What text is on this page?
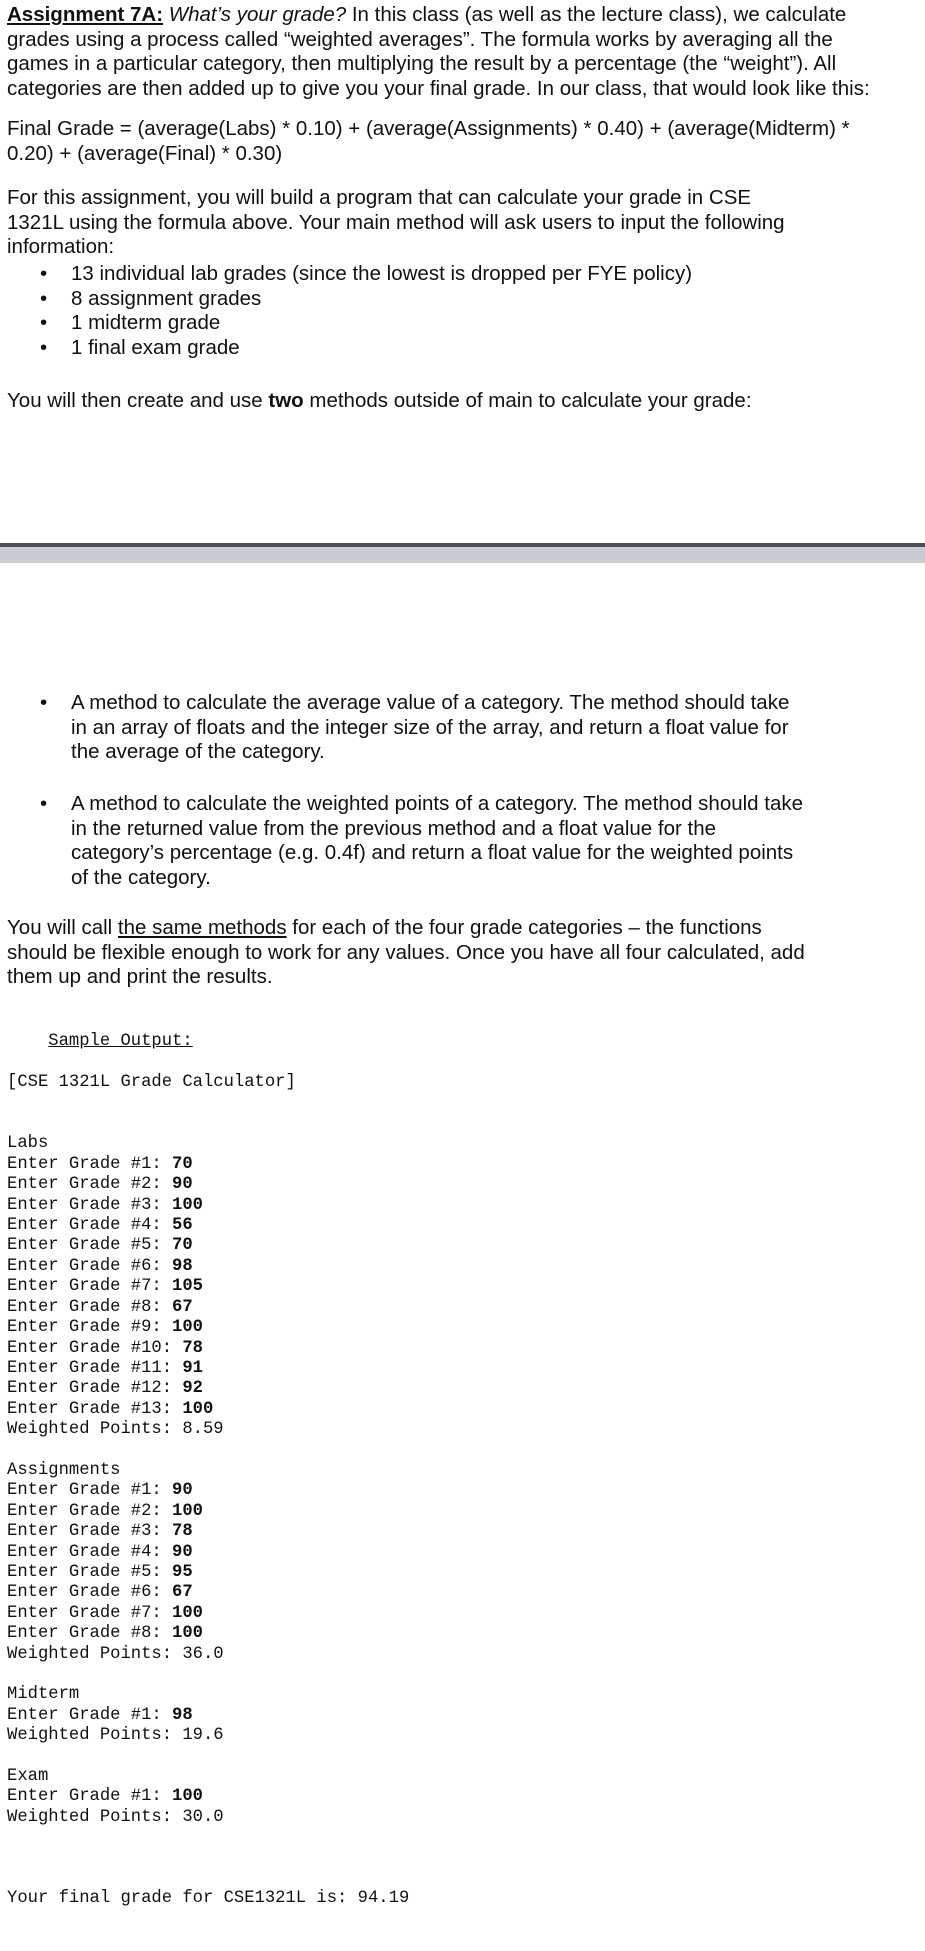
Assignment 7A: What’s your grade? In this class (as well as the lecture class), we calculate
grades using a process called “weighted averages”. The formula works by averaging all the
games in a particular category, then multiplying the result by a percentage (the “weight”). All
categories are then added up to give you your final grade. In our class, that would look like this:
Final Grade = (average(Labs) * 0.10) + (average(Assignments) * 0.40) + (average(Midterm) *
0.20) + (average(Final) * 0.30)
For this assignment, you will build a program that can calculate your grade in CSE
1321L using the formula above. Your main method will ask users to input the following
information:
• 13 individual lab grades (since the lowest is dropped per FYE policy)
• 8 assignment grades
• 1 midterm grade
• 1 final exam grade
You will then create and use two methods outside of main to calculate your grade:
• A method to calculate the average value of a category. The method should take
in an array of floats and the integer size of the array, and return a float value for
the average of the category.
• A method to calculate the weighted points of a category. The method should take
in the returned value from the previous method and a float value for the
category’s percentage (e.g. 0.4f) and return a float value for the weighted points
of the category.
You will call the same methods for each of the four grade categories – the functions
should be flexible enough to work for any values. Once you have all four calculated, add
them up and print the results.

Sample Output:

[CSE 1321L Grade Calculator]

Labs
Enter Grade #1: 70
Enter Grade #2: 90
Enter Grade #3: 100
Enter Grade #4: 56
Enter Grade #5: 70
Enter Grade #6: 98
Enter Grade #7: 105
Enter Grade #8: 67
Enter Grade #9: 100
Enter Grade #10: 78
Enter Grade #11: 91
Enter Grade #12: 92
Enter Grade #13: 100
Weighted Points: 8.59

Assignments
Enter Grade #1: 90
Enter Grade #2: 100
Enter Grade #3: 78
Enter Grade #4: 90
Enter Grade #5: 95
Enter Grade #6: 67
Enter Grade #7: 100
Enter Grade #8: 100
Weighted Points: 36.0

Midterm
Enter Grade #1: 98
Weighted Points: 19.6

Exam
Enter Grade #1: 100
Weighted Points: 30.0

Your final grade for CSE1321L is: 94.19
